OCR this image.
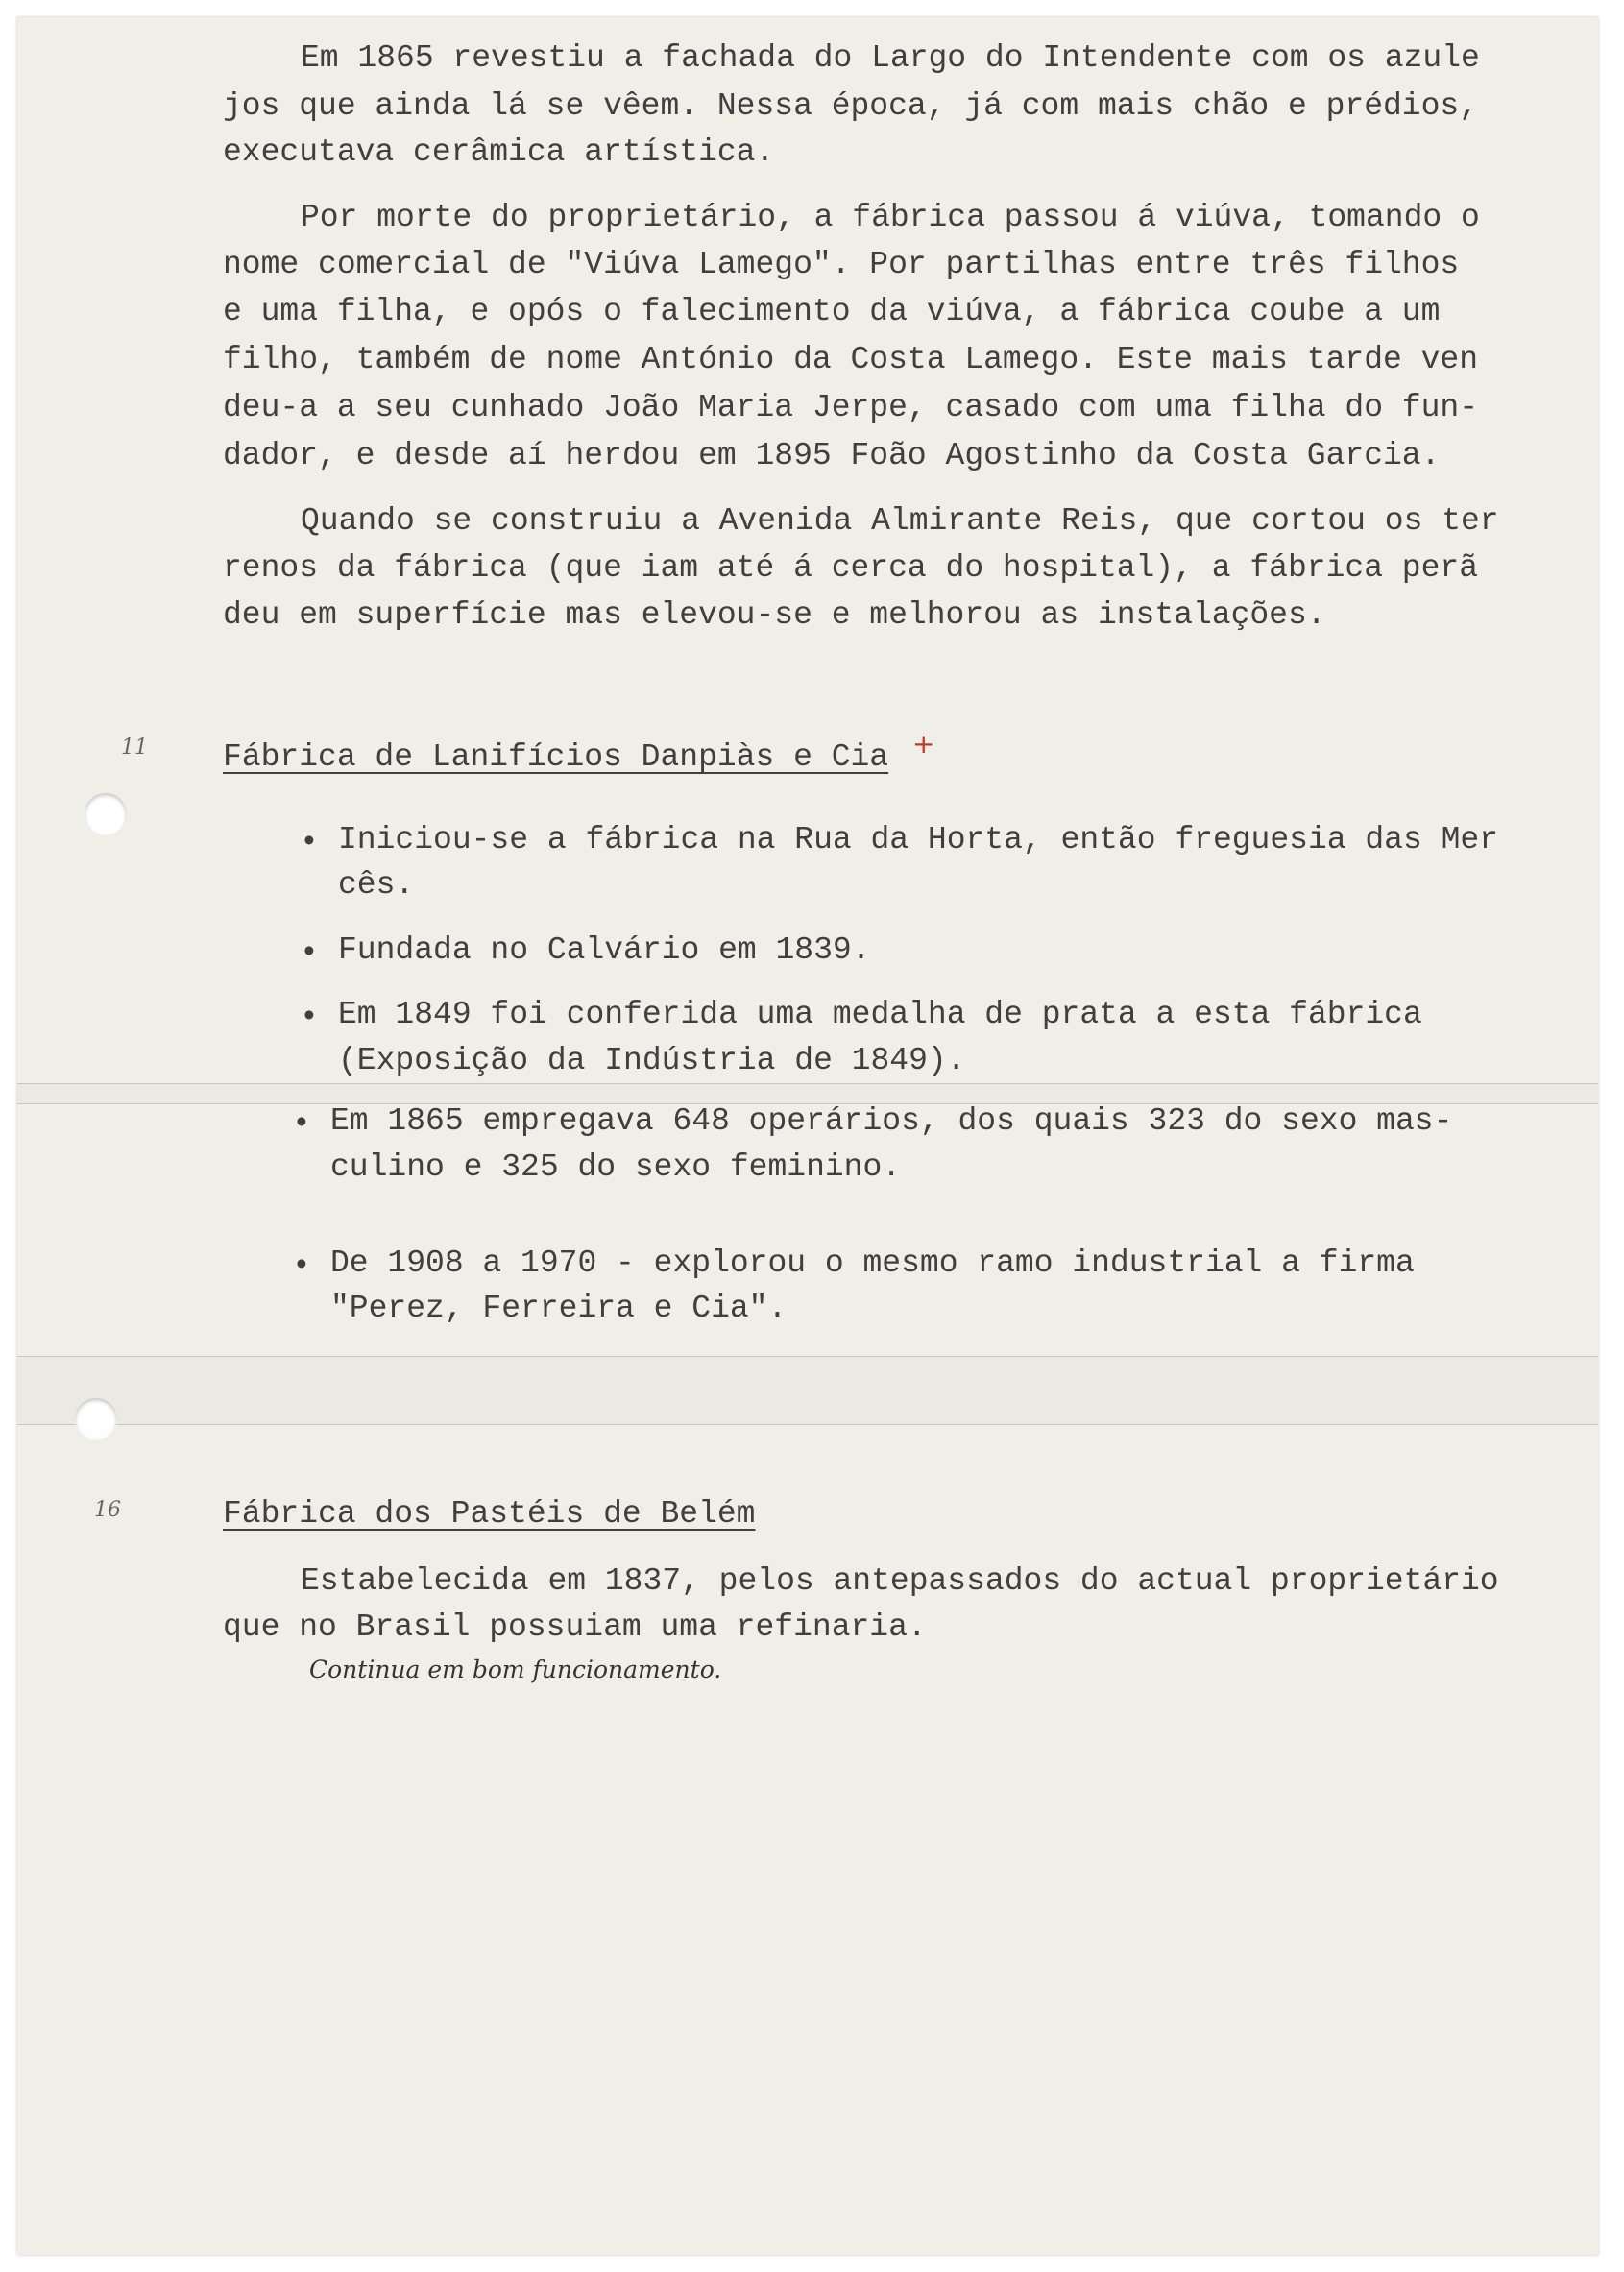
Em 1865 revestiu a fachada do Largo do Intendente com os azule

jos que ainda lá se vêem. Nessa época, já com mais chão e prédios,

executava cerâmica artística.

Por morte do proprietário, a fábrica passou á viúva, tomando o

nome comercial de "Viúva Lamego". Por partilhas entre três filhos

e uma filha, e opós o falecimento da viúva, a fábrica coube a um

filho, também de nome António da Costa Lamego. Este mais tarde ven

deu-a a seu cunhado João Maria Jerpe, casado com uma filha do fun-

dador, e desde aí herdou em 1895 Foão Agostinho da Costa Garcia.

Quando se construiu a Avenida Almirante Reis, que cortou os ter

renos da fábrica (que iam até á cerca do hospital), a fábrica perã

deu em superfície mas elevou-se e melhorou as instalações.

11 Fábrica de Lanifícios Danpiàs e Cia +
• Iniciou-se a fábrica na Rua da Horta, então freguesia das Mer

cês.

• Fundada no Calvário em 1839.

• Em 1849 foi conferida uma medalha de prata a esta fábrica

(Exposição da Indústria de 1849).

• Em 1865 empregava 648 operários, dos quais 323 do sexo mas-

culino e 325 do sexo feminino.

• De 1908 a 1970 - explorou o mesmo ramo industrial a firma

"Perez, Ferreira e Cia".

16	Fábrica dos Pastéis de Belém

Estabelecida em 1837, pelos antepassados do actual proprietário

que no Brasil possuiam uma refinaria.

Continua em bom funcionamento.
